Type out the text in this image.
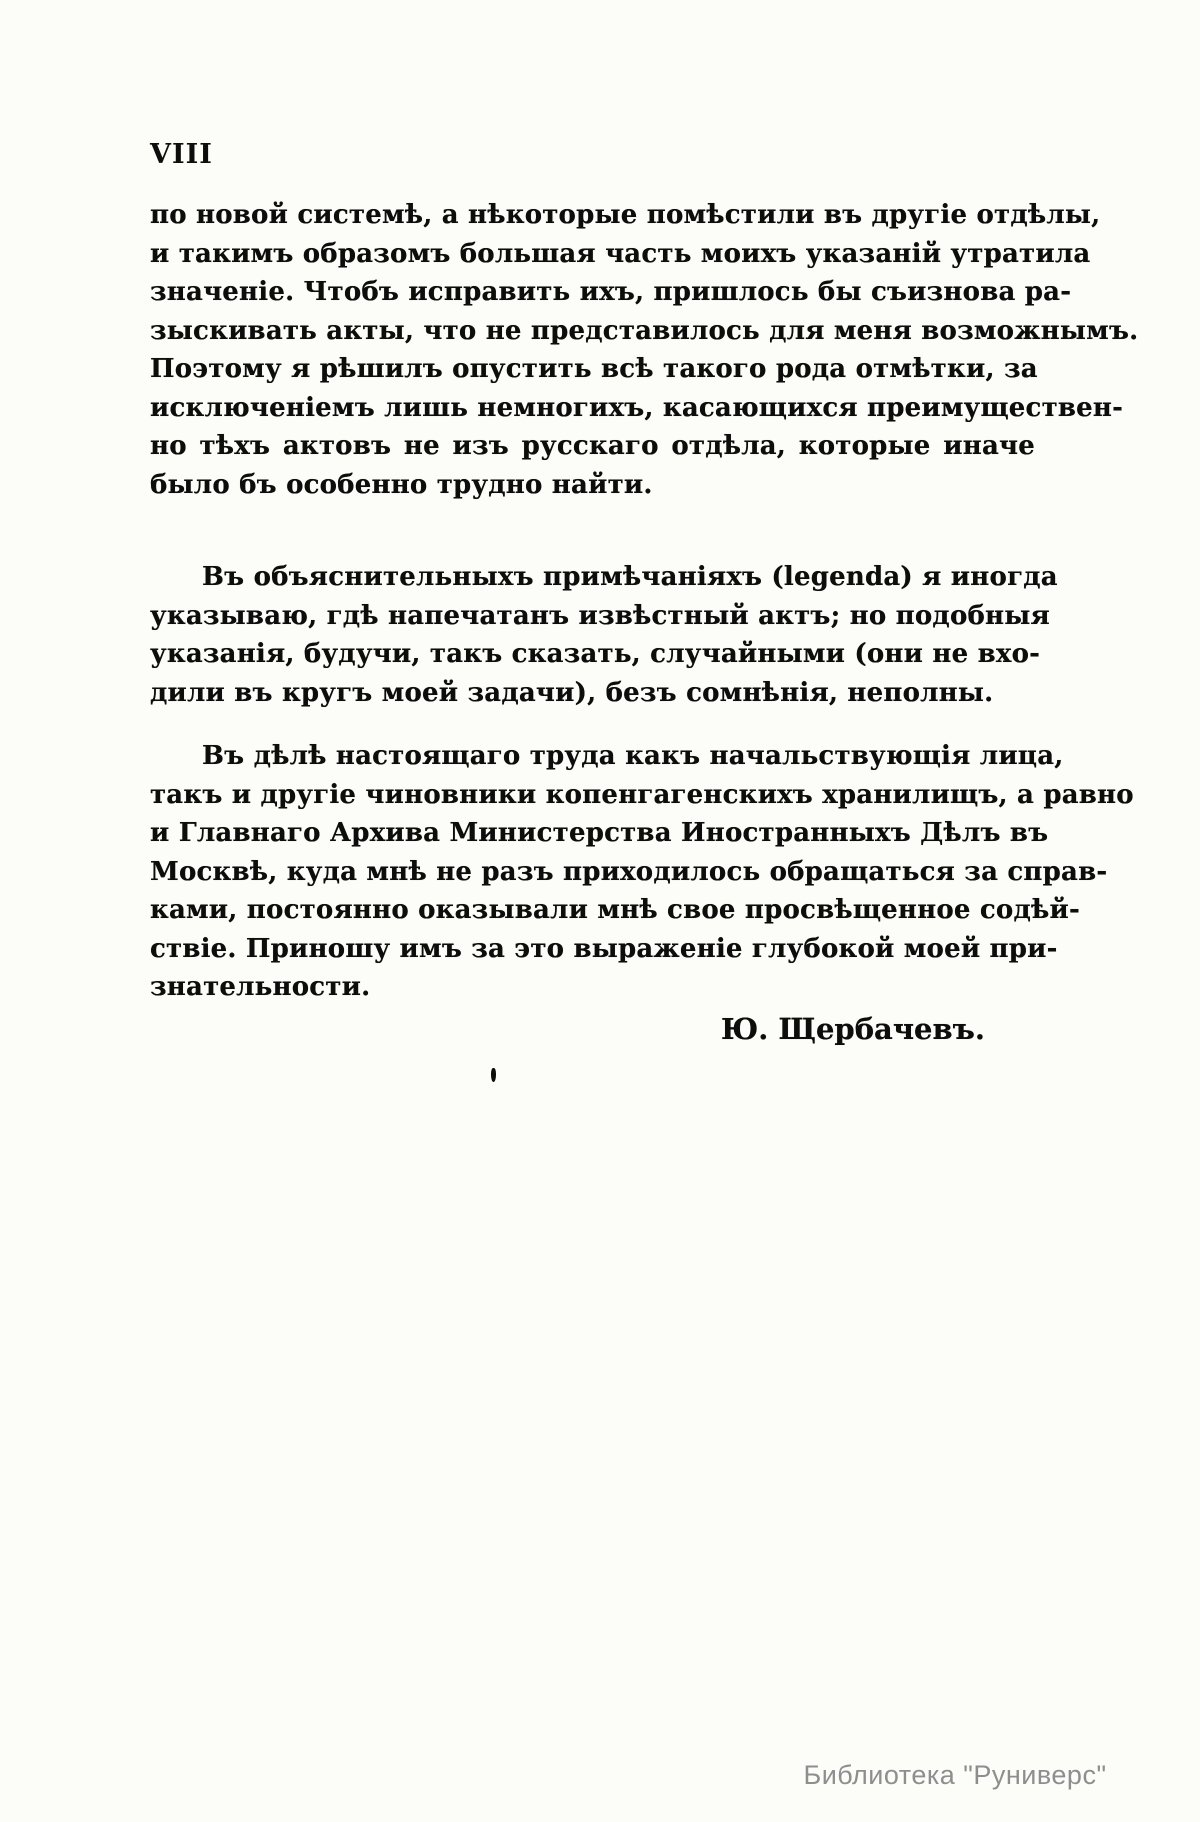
VIII
по новой системѣ, а нѣкоторые помѣстили въ другіе отдѣлы,
и такимъ образомъ большая часть моихъ указаній утратила
значеніе. Чтобъ исправить ихъ, пришлось бы съизнова ра-
зыскивать акты, что не представилось для меня возможнымъ.
Поэтому я рѣшилъ опустить всѣ такого рода отмѣтки, за
исключеніемъ лишь немногихъ, касающихся преимуществен-
но тѣхъ актовъ не изъ русскаго отдѣла, которые иначе
было бъ особенно трудно найти.
Въ объяснительныхъ примѣчаніяхъ (legenda) я иногда
указываю, гдѣ напечатанъ извѣстный актъ; но подобныя
указанія, будучи, такъ сказать, случайными (они не вхо-
дили въ кругъ моей задачи), безъ сомнѣнія, неполны.
Въ дѣлѣ настоящаго труда какъ начальствующія лица,
такъ и другіе чиновники копенгагенскихъ хранилищъ, а равно
и Главнаго Архива Министерства Иностранныхъ Дѣлъ въ
Москвѣ, куда мнѣ не разъ приходилось обращаться за справ-
ками, постоянно оказывали мнѣ свое просвѣщенное содѣй-
ствіе. Приношу имъ за это выраженіе глубокой моей при-
знательности.
Ю. Щербачевъ.
Библиотека "Руниверс"
